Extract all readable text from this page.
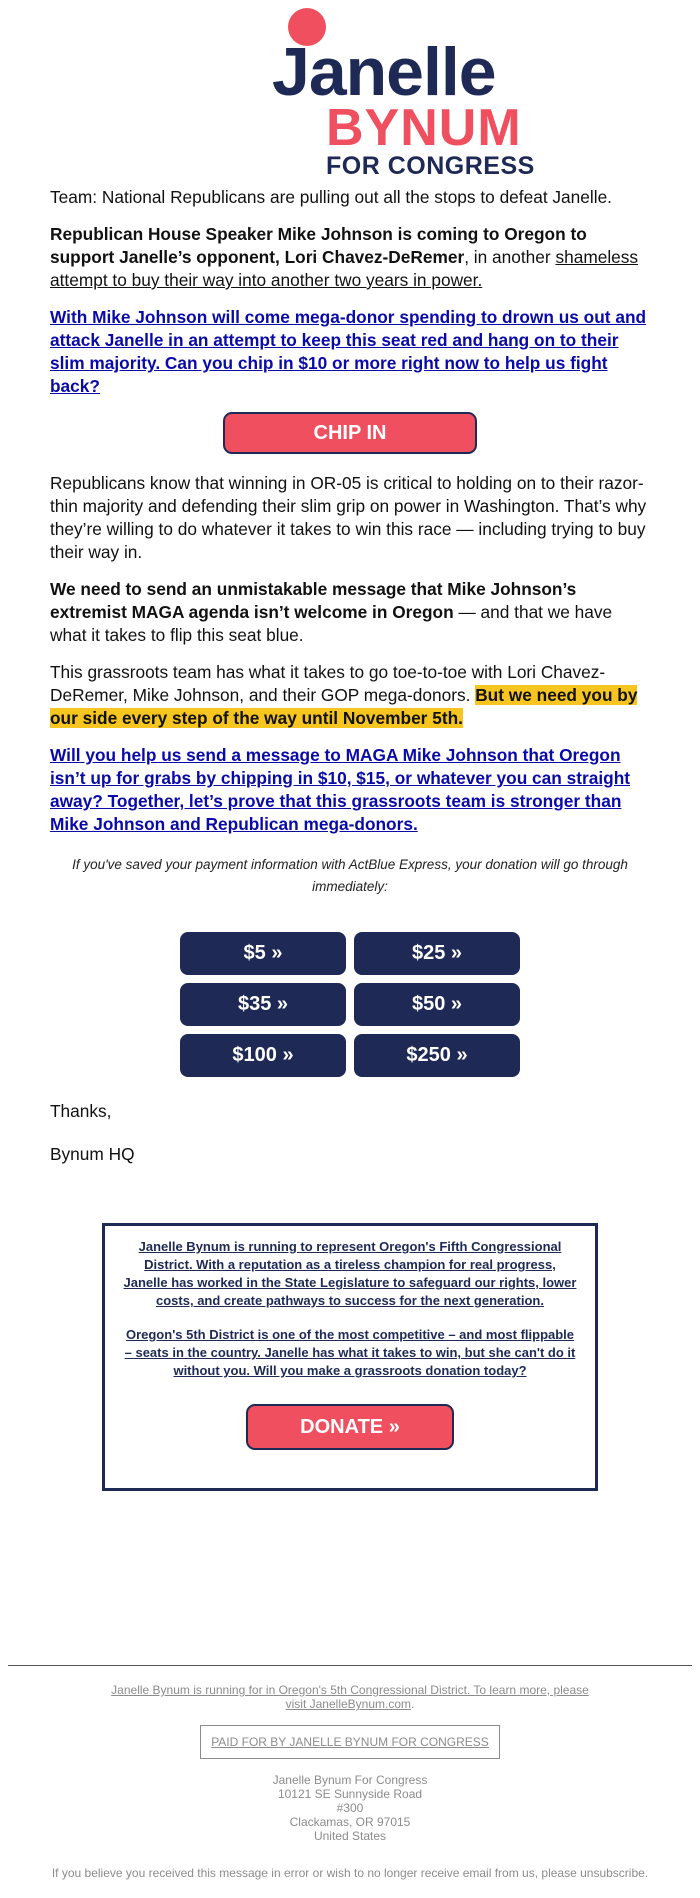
Janelle
BYNUM
FOR CONGRESS

Team: National Republicans are pulling out all the stops to defeat Janelle.

Republican House Speaker Mike Johnson is coming to Oregon to support Janelle’s opponent, Lori Chavez-DeRemer, in another shameless attempt to buy their way into another two years in power.

With Mike Johnson will come mega-donor spending to drown us out and attack Janelle in an attempt to keep this seat red and hang on to their slim majority. Can you chip in $10 or more right now to help us fight back?

CHIP IN

Republicans know that winning in OR-05 is critical to holding on to their razor-thin majority and defending their slim grip on power in Washington. That’s why they’re willing to do whatever it takes to win this race — including trying to buy their way in.

We need to send an unmistakable message that Mike Johnson’s extremist MAGA agenda isn’t welcome in Oregon — and that we have what it takes to flip this seat blue.

This grassroots team has what it takes to go toe-to-toe with Lori Chavez-DeRemer, Mike Johnson, and their GOP mega-donors. But we need you by our side every step of the way until November 5th.

Will you help us send a message to MAGA Mike Johnson that Oregon isn’t up for grabs by chipping in $10, $15, or whatever you can straight away? Together, let’s prove that this grassroots team is stronger than Mike Johnson and Republican mega-donors.

If you've saved your payment information with ActBlue Express, your donation will go through immediately:

$5 »	$25 »
$35 »	$50 »
$100 »	$250 »

Thanks,

Bynum HQ

Janelle Bynum is running to represent Oregon's Fifth Congressional District. With a reputation as a tireless champion for real progress, Janelle has worked in the State Legislature to safeguard our rights, lower costs, and create pathways to success for the next generation.

Oregon's 5th District is one of the most competitive – and most flippable – seats in the country. Janelle has what it takes to win, but she can't do it without you. Will you make a grassroots donation today?

DONATE »
Janelle Bynum is running for in Oregon's 5th Congressional District. To learn more, please visit JanelleBynum.com.
PAID FOR BY JANELLE BYNUM FOR CONGRESS
Janelle Bynum For Congress
10121 SE Sunnyside Road
#300
Clackamas, OR 97015
United States
If you believe you received this message in error or wish to no longer receive email from us, please unsubscribe.
